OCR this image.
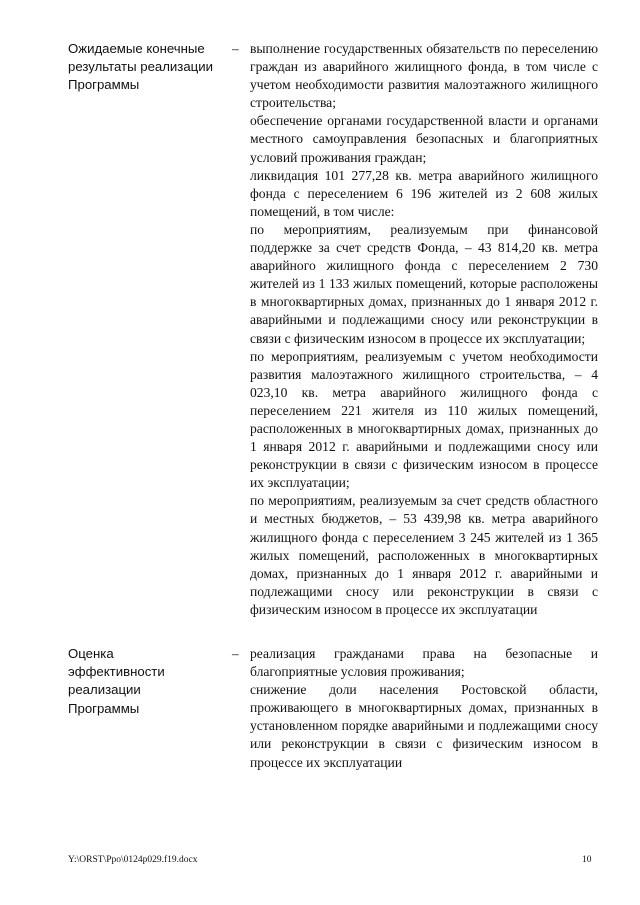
Ожидаемые конечные
результаты реализации
Программы
– выполнение государственных обязательств по переселению граждан из аварийного жилищного фонда, в том числе с учетом необходимости развития малоэтажного жилищного строительства;

обеспечение органами государственной власти и органами местного самоуправления безопасных и благоприятных условий проживания граждан;

ликвидация 101 277,28 кв. метра аварийного жилищного фонда с переселением 6 196 жителей из 2 608 жилых помещений, в том числе:

по мероприятиям, реализуемым при финансовой поддержке за счет средств Фонда, – 43 814,20 кв. метра аварийного жилищного фонда с переселением 2 730 жителей из 1 133 жилых помещений, которые расположены в многоквартирных домах, признанных до 1 января 2012 г. аварийными и подлежащими сносу или реконструкции в связи с физическим износом в процессе их эксплуатации;

по мероприятиям, реализуемым с учетом необходимости развития малоэтажного жилищного строительства, – 4 023,10 кв. метра аварийного жилищного фонда с переселением 221 жителя из 110 жилых помещений, расположенных в многоквартирных домах, признанных до 1 января 2012 г. аварийными и подлежащими сносу или реконструкции в связи с физическим износом в процессе их эксплуатации;

по мероприятиям, реализуемым за счет средств областного и местных бюджетов, – 53 439,98 кв. метра аварийного жилищного фонда с переселением 3 245 жителей из 1 365 жилых помещений, расположенных в многоквартирных домах, признанных до 1 января 2012 г. аварийными и подлежащими сносу или реконструкции в связи с физическим износом в процессе их эксплуатации

Оценка
эффективности
реализации
Программы
– реализация гражданами права на безопасные и благоприятные условия проживания;

снижение доли населения Ростовской области, проживающего в многоквартирных домах, признанных в установленном порядке аварийными и подлежащими сносу или реконструкции в связи с физическим износом в процессе их эксплуатации

Y:\ORST\Ppo\0124p029.f19.docx	10
